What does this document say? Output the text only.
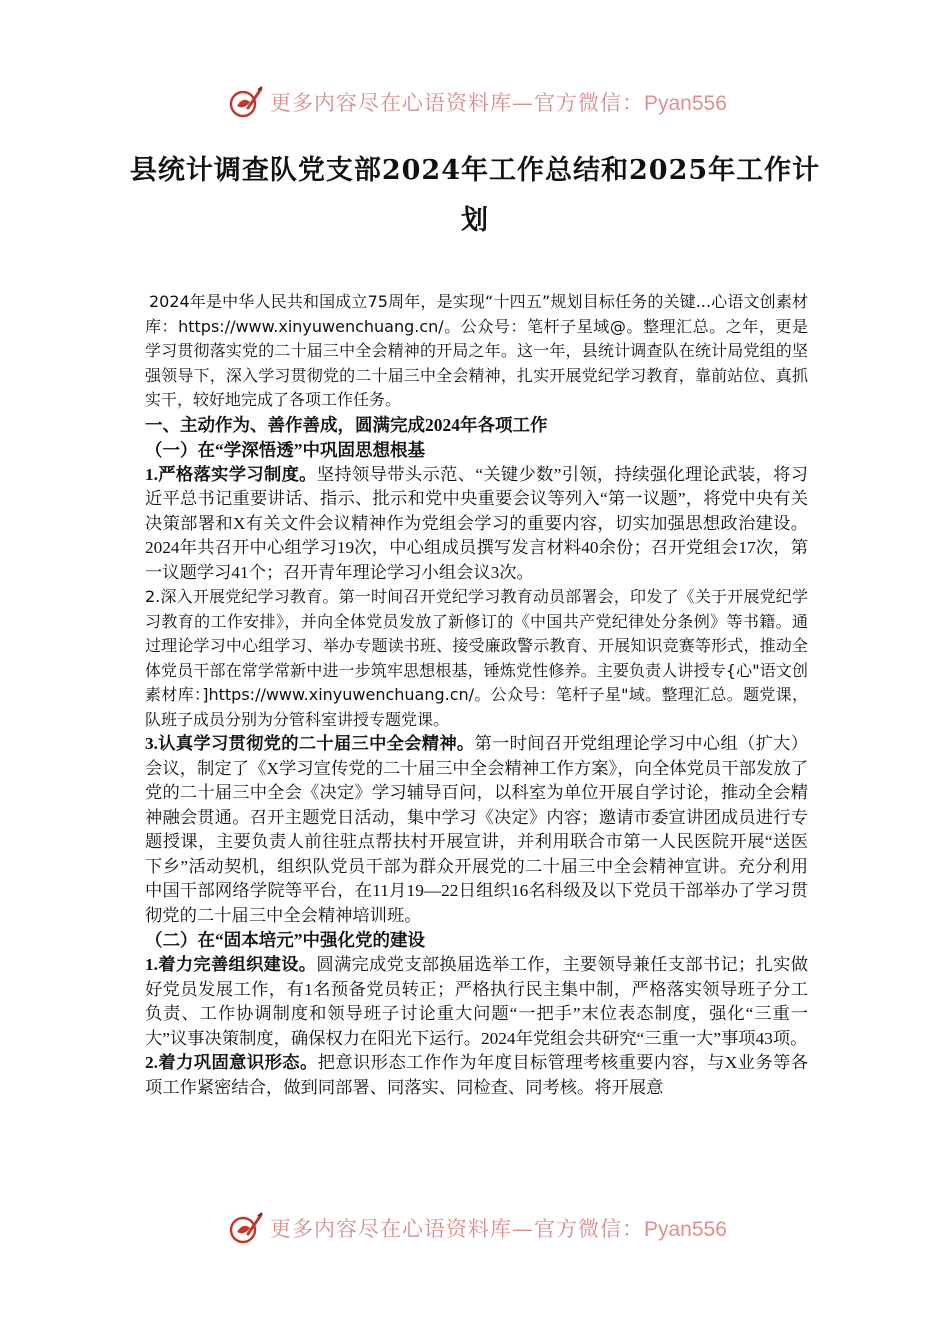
更多内容尽在心语资料库—官方微信：Pyan556
县统计调查队党支部2024年工作总结和2025年工作计划

2024年是中华人民共和国成立75周年，是实现“十四五”规划目标任务的关键...心语文创素材库：https://www.xinyuwenchuang.cn/。公众号：笔杆子星域@。整理汇总。之年，更是学习贯彻落实党的二十届三中全会精神的开局之年。这一年，县统计调查队在统计局党组的坚强领导下，深入学习贯彻党的二十届三中全会精神，扎实开展党纪学习教育，靠前站位、真抓实干，较好地完成了各项工作任务。

一、主动作为、善作善成，圆满完成2024年各项工作

（一）在“学深悟透”中巩固思想根基

1.严格落实学习制度。坚持领导带头示范、“关键少数”引领，持续强化理论武装，将习近平总书记重要讲话、指示、批示和党中央重要会议等列入“第一议题”，将党中央有关决策部署和X有关文件会议精神作为党组会学习的重要内容，切实加强思想政治建设。2024年共召开中心组学习19次，中心组成员撰写发言材料40余份；召开党组会17次，第一议题学习41个；召开青年理论学习小组会议3次。

2.深入开展党纪学习教育。第一时间召开党纪学习教育动员部署会，印发了《关于开展党纪学习教育的工作安排》，并向全体党员发放了新修订的《中国共产党纪律处分条例》等书籍。通过理论学习中心组学习、举办专题读书班、接受廉政警示教育、开展知识竞赛等形式，推动全体党员干部在常学常新中进一步筑牢思想根基，锤炼党性修养。主要负责人讲授专{心"语文创素材库：]https://www.xinyuwenchuang.cn/。公众号：笔杆子星"域。整理汇总。题党课，队班子成员分别为分管科室讲授专题党课。

3.认真学习贯彻党的二十届三中全会精神。第一时间召开党组理论学习中心组（扩大）会议，制定了《X学习宣传党的二十届三中全会精神工作方案》，向全体党员干部发放了党的二十届三中全会《决定》学习辅导百问，以科室为单位开展自学讨论，推动全会精神融会贯通。召开主题党日活动，集中学习《决定》内容；邀请市委宣讲团成员进行专题授课，主要负责人前往驻点帮扶村开展宣讲，并利用联合市第一人民医院开展“送医下乡”活动契机，组织队党员干部为群众开展党的二十届三中全会精神宣讲。充分利用中国干部网络学院等平台，在11月19—22日组织16名科级及以下党员干部举办了学习贯彻党的二十届三中全会精神培训班。

（二）在“固本培元”中强化党的建设

1.着力完善组织建设。圆满完成党支部换届选举工作，主要领导兼任支部书记；扎实做好党员发展工作，有1名预备党员转正；严格执行民主集中制，严格落实领导班子分工负责、工作协调制度和领导班子讨论重大问题“一把手”末位表态制度，强化“三重一大”议事决策制度，确保权力在阳光下运行。2024年党组会共研究“三重一大”事项43项。

2.着力巩固意识形态。把意识形态工作作为年度目标管理考核重要内容，与X业务等各项工作紧密结合，做到同部署、同落实、同检查、同考核。将开展意

更多内容尽在心语资料库—官方微信：Pyan556
